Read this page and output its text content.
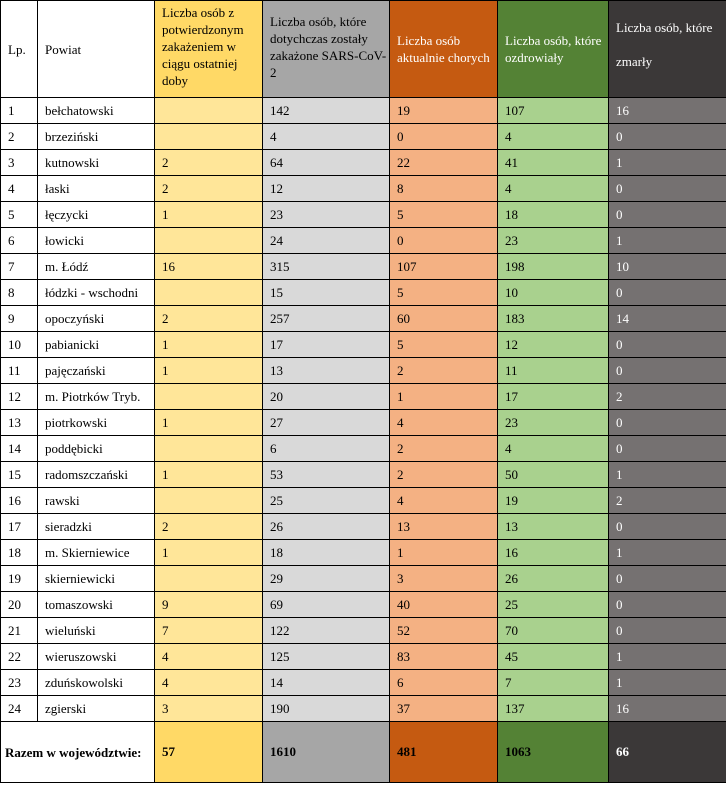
Lp.	Powiat	Liczba osób z potwierdzonym zakażeniem w ciągu ostatniej doby	Liczba osób, które dotychczas zostały zakażone SARS-CoV-2	Liczba osób aktualnie chorych	Liczba osób, które ozdrowiały	Liczba osób, które
zmarły

1	bełchatowski		142	19	107	16
2	brzeziński		4	0	4	0
3	kutnowski	2	64	22	41	1
4	łaski	2	12	8	4	0
5	łęczycki	1	23	5	18	0
6	łowicki		24	0	23	1
7	m. Łódź	16	315	107	198	10
8	łódzki - wschodni		15	5	10	0
9	opoczyński	2	257	60	183	14
10	pabianicki	1	17	5	12	0
11	pajęczański	1	13	2	11	0
12	m. Piotrków Tryb.		20	1	17	2
13	piotrkowski	1	27	4	23	0
14	poddębicki		6	2	4	0
15	radomszczański	1	53	2	50	1
16	rawski		25	4	19	2
17	sieradzki	2	26	13	13	0
18	m. Skierniewice	1	18	1	16	1
19	skierniewicki		29	3	26	0
20	tomaszowski	9	69	40	25	0
21	wieluński	7	122	52	70	0
22	wieruszowski	4	125	83	45	1
23	zduńskowolski	4	14	6	7	1
24	zgierski	3	190	37	137	16
Razem w województwie:		57	1610	481	1063	66
